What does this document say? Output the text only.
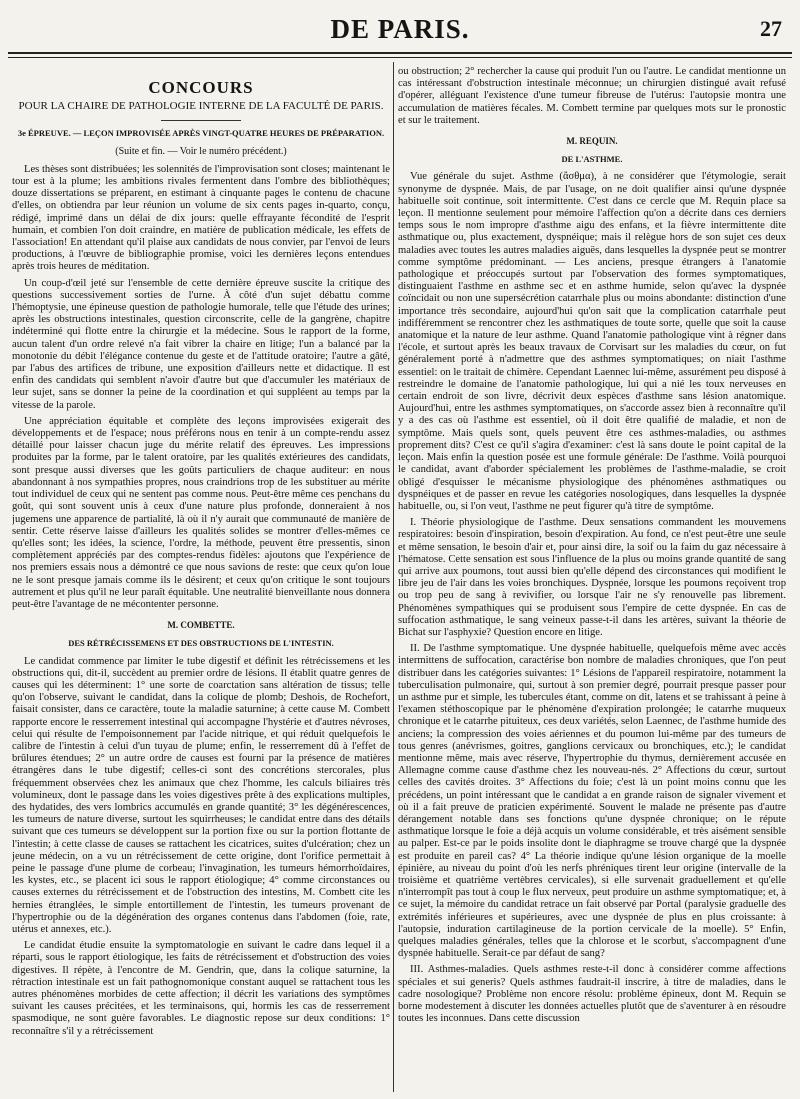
DE PARIS.	27
CONCOURS
POUR LA CHAIRE DE PATHOLOGIE INTERNE DE LA FACULTÉ DE PARIS.
3e ÉPREUVE. — LEÇON IMPROVISÉE APRÈS VINGT-QUATRE HEURES DE PRÉPARATION.
(Suite et fin. — Voir le numéro précédent.)

Les thèses sont distribuées; les solennités de l'improvisation sont closes; maintenant le tour est à la plume; les ambitions rivales fermentent dans l'ombre des bibliothèques; douze dissertations se préparent, en estimant à cinquante pages le contenu de chacune d'elles, on obtiendra par leur réunion un volume de six cents pages in-quarto, conçu, rédigé, imprimé dans un délai de dix jours: quelle effrayante fécondité de l'esprit humain, et combien l'on doit craindre, en matière de publication médicale, les effets de l'association! En attendant qu'il plaise aux candidats de nous convier, par l'envoi de leurs productions, à l'œuvre de bibliographie promise, voici les dernières leçons entendues après trois heures de méditation.

Un coup-d'œil jeté sur l'ensemble de cette dernière épreuve suscite la critique des questions successivement sorties de l'urne. À côté d'un sujet débattu comme l'hémoptysie, une épineuse question de pathologie humorale, telle que l'étude des urines; après les obstructions intestinales, question circonscrite, celle de la gangrène, chapitre indéterminé qui flotte entre la chirurgie et la médecine. Sous le rapport de la forme, aucun talent d'un ordre relevé n'a fait vibrer la chaire en litige; l'un a balancé par la monotonie du débit l'élégance contenue du geste et de l'attitude oratoire; l'autre a gâté, par l'abus des artifices de tribune, une exposition d'ailleurs nette et didactique. Il est enfin des candidats qui semblent n'avoir d'autre but que d'accumuler les matériaux de leur sujet, sans se donner la peine de la coordination et qui suppléent au temps par la vitesse de la parole.

Une appréciation équitable et complète des leçons improvisées exigerait des développements et de l'espace; nous préférons nous en tenir à un compte-rendu assez détaillé pour laisser chacun juge du mérite relatif des épreuves. Les impressions produites par la forme, par le talent oratoire, par les qualités extérieures des candidats, sont presque aussi diverses que les goûts particuliers de chaque auditeur: en nous abandonnant à nos sympathies propres, nous craindrions trop de les substituer au mérite tout individuel de ceux qui ne sentent pas comme nous. Peut-être même ces penchans du goût, qui sont souvent unis à ceux d'une nature plus profonde, donneraient à nos jugemens une apparence de partialité, là où il n'y aurait que communauté de manière de sentir. Cette réserve laisse d'ailleurs les qualités solides se montrer d'elles-mêmes ce qu'elles sont; les idées, la science, l'ordre, la méthode, peuvent être pressentis, sinon complètement appréciés par des comptes-rendus fidèles: ajoutons que l'expérience de nos premiers essais nous a démontré ce que nous savions de reste: que ceux qu'on loue ne le sont presque jamais comme ils le désirent; et ceux qu'on critique le sont toujours autrement et plus qu'il ne leur paraît équitable. Une neutralité bienveillante nous donnera peut-être l'avantage de ne mécontenter personne.

M. COMBETTE.
DES RÉTRÉCISSEMENS ET DES OBSTRUCTIONS DE L'INTESTIN.

Le candidat commence par limiter le tube digestif et définit les rétrécissemens et les obstructions qui, dit-il, succèdent au premier ordre de lésions. Il établit quatre genres de causes qui les déterminent: 1° une sorte de coarctation sans altération de tissus; telle qu'on l'observe, suivant le candidat, dans la colique de plomb; Deshois, de Rochefort, faisait consister, dans ce caractère, toute la maladie saturnine; à cette cause M. Combett rapporte encore le resserrement intestinal qui accompagne l'hystérie et d'autres névroses, celui qui résulte de l'empoisonnement par l'acide nitrique, et qui réduit quelquefois le calibre de l'intestin à celui d'un tuyau de plume; enfin, le resserrement dû à l'effet de brûlures étendues; 2° un autre ordre de causes est fourni par la présence de matières étrangères dans le tube digestif; celles-ci sont des concrétions stercorales, plus fréquemment observées chez les animaux que chez l'homme, les calculs biliaires très volumineux, dont le passage dans les voies digestives prête à des explications multiples, des hydatides, des vers lombrics accumulés en grande quantité; 3° les dégénérescences, les tumeurs de nature diverse, surtout les squirrheuses; le candidat entre dans des détails suivant que ces tumeurs se développent sur la portion fixe ou sur la portion flottante de l'intestin; à cette classe de causes se rattachent les cicatrices, suites d'ulcération; chez un jeune médecin, on a vu un rétrécissement de cette origine, dont l'orifice permettait à peine le passage d'une plume de corbeau; l'invagination, les tumeurs hémorrhoïdaires, les kystes, etc., se placent ici sous le rapport étiologique; 4° comme circonstances ou causes externes du rétrécissement et de l'obstruction des intestins, M. Combett cite les hernies étranglées, le simple entortillement de l'intestin, les tumeurs provenant de l'hypertrophie ou de la dégénération des organes contenus dans l'abdomen (foie, rate, utérus et annexes, etc.).

Le candidat étudie ensuite la symptomatologie en suivant le cadre dans lequel il a réparti, sous le rapport étiologique, les faits de rétrécissement et d'obstruction des voies digestives. Il répète, à l'encontre de M. Gendrin, que, dans la colique saturnine, la rétraction intestinale est un fait pathognomonique constant auquel se rattachent tous les autres phénomènes morbides de cette affection; il décrit les variations des symptômes suivant les causes précitées, et les terminaisons, qui, hormis les cas de resserrement spasmodique, ne sont guère favorables. Le diagnostic repose sur deux conditions: 1° reconnaître s'il y a rétrécissement

ou obstruction; 2° rechercher la cause qui produit l'un ou l'autre. Le candidat mentionne un cas intéressant d'obstruction intestinale méconnue; un chirurgien distingué avait refusé d'opérer, alléguant l'existence d'une tumeur fibreuse de l'utérus: l'autopsie montra une accumulation de matières fécales. M. Combett termine par quelques mots sur le pronostic et sur le traitement.

M. REQUIN.
DE L'ASTHME.

Vue générale du sujet. Asthme (ἄσθμα), à ne considérer que l'étymologie, serait synonyme de dyspnée. Mais, de par l'usage, on ne doit qualifier ainsi qu'une dyspnée habituelle soit continue, soit intermittente. C'est dans ce cercle que M. Requin place sa leçon. Il mentionne seulement pour mémoire l'affection qu'on a décrite dans ces derniers temps sous le nom impropre d'asthme aigu des enfans, et la fièvre intermittente dite asthmatique ou, plus exactement, dyspnéique; mais il relègue hors de son sujet ces deux maladies avec toutes les autres maladies aiguës, dans lesquelles la dyspnée peut se montrer comme symptôme prédominant. — Les anciens, presque étrangers à l'anatomie pathologique et préoccupés surtout par l'observation des formes symptomatiques, distinguaient l'asthme en asthme sec et en asthme humide, selon qu'avec la dyspnée coïncidait ou non une supersécrétion catarrhale plus ou moins abondante: distinction d'une importance très secondaire, aujourd'hui qu'on sait que la complication catarrhale peut indifféremment se rencontrer chez les asthmatiques de toute sorte, quelle que soit la cause anatomique et la nature de leur asthme. Quand l'anatomie pathologique vint à régner dans l'école, et surtout après les beaux travaux de Corvisart sur les maladies du cœur, on fut généralement porté à n'admettre que des asthmes symptomatiques; on niait l'asthme essentiel: on le traitait de chimère. Cependant Laennec lui-même, assurément peu disposé à restreindre le domaine de l'anatomie pathologique, lui qui a nié les toux nerveuses en certain endroit de son livre, décrivit deux espèces d'asthme sans lésion anatomique. Aujourd'hui, entre les asthmes symptomatiques, on s'accorde assez bien à reconnaître qu'il y a des cas où l'asthme est essentiel, où il doit être qualifié de maladie, et non de symptôme. Mais quels sont, quels peuvent être ces asthmes-maladies, ou asthmes proprement dits? C'est ce qu'il s'agira d'examiner: c'est là sans doute le point capital de la leçon. Mais enfin la question posée est une formule générale: De l'asthme. Voilà pourquoi le candidat, avant d'aborder spécialement les problèmes de l'asthme-maladie, se croit obligé d'esquisser le mécanisme physiologique des phénomènes asthmatiques ou dyspnéiques et de passer en revue les catégories nosologiques, dans lesquelles la dyspnée habituelle, ou, si l'on veut, l'asthme ne peut figurer qu'à titre de symptôme.

I. Théorie physiologique de l'asthme. Deux sensations commandent les mouvemens respiratoires: besoin d'inspiration, besoin d'expiration. Au fond, ce n'est peut-être une seule et même sensation, le besoin d'air et, pour ainsi dire, la soif ou la faim du gaz nécessaire à l'hématose. Cette sensation est sous l'influence de la plus ou moins grande quantité de sang qui arrive aux poumons, tout aussi bien qu'elle dépend des circonstances qui modifient le libre jeu de l'air dans les voies bronchiques. Dyspnée, lorsque les poumons reçoivent trop ou trop peu de sang à revivifier, ou lorsque l'air ne s'y renouvelle pas librement. Phénomènes sympathiques qui se produisent sous l'empire de cette dyspnée. En cas de suffocation asthmatique, le sang veineux passe-t-il dans les artères, suivant la théorie de Bichat sur l'asphyxie? Question encore en litige.

II. De l'asthme symptomatique. Une dyspnée habituelle, quelquefois même avec accès intermittens de suffocation, caractérise bon nombre de maladies chroniques, que l'on peut distribuer dans les catégories suivantes: 1° Lésions de l'appareil respiratoire, notamment la tuberculisation pulmonaire, qui, surtout à son premier degré, pourrait presque passer pour un asthme pur et simple, les tubercules étant, comme on dit, latens et se trahissant à peine à l'examen stéthoscopique par le phénomène d'expiration prolongée; le catarrhe muqueux chronique et le catarrhe pituiteux, ces deux variétés, selon Laennec, de l'asthme humide des anciens; la compression des voies aériennes et du poumon lui-même par des tumeurs de tous genres (anévrismes, goitres, ganglions cervicaux ou bronchiques, etc.); le candidat mentionne même, mais avec réserve, l'hypertrophie du thymus, dernièrement accusée en Allemagne comme cause d'asthme chez les nouveau-nés. 2° Affections du cœur, surtout celles des cavités droites. 3° Affections du foie; c'est là un point moins connu que les précédens, un point intéressant que le candidat a en grande raison de signaler vivement et où il a fait preuve de praticien expérimenté. Souvent le malade ne présente pas d'autre dérangement notable dans ses fonctions qu'une dyspnée chronique; on le répute asthmatique lorsque le foie a déjà acquis un volume considérable, et très aisément sensible au palper. Est-ce par le poids insolite dont le diaphragme se trouve chargé que la dyspnée est produite en pareil cas? 4° La théorie indique qu'une lésion organique de la moelle épinière, au niveau du point d'où les nerfs phréniques tirent leur origine (intervalle de la troisième et quatrième vertèbres cervicales), si elle survenait graduellement et qu'elle n'interrompît pas tout à coup le flux nerveux, peut produire un asthme symptomatique; et, à ce sujet, la mémoire du candidat retrace un fait observé par Portal (paralysie graduelle des extrémités inférieures et supérieures, avec une dyspnée de plus en plus croissante: à l'autopsie, induration cartilagineuse de la portion cervicale de la moelle). 5° Enfin, quelques maladies générales, telles que la chlorose et le scorbut, s'accompagnent d'une dyspnée habituelle. Serait-ce par défaut de sang?

III. Asthmes-maladies. Quels asthmes reste-t-il donc à considérer comme affections spéciales et sui generis? Quels asthmes faudrait-il inscrire, à titre de maladies, dans le cadre nosologique? Problème non encore résolu: problème épineux, dont M. Requin se borne modestement à discuter les données actuelles plutôt que de s'aventurer à en résoudre toutes les inconnues. Dans cette discussion
